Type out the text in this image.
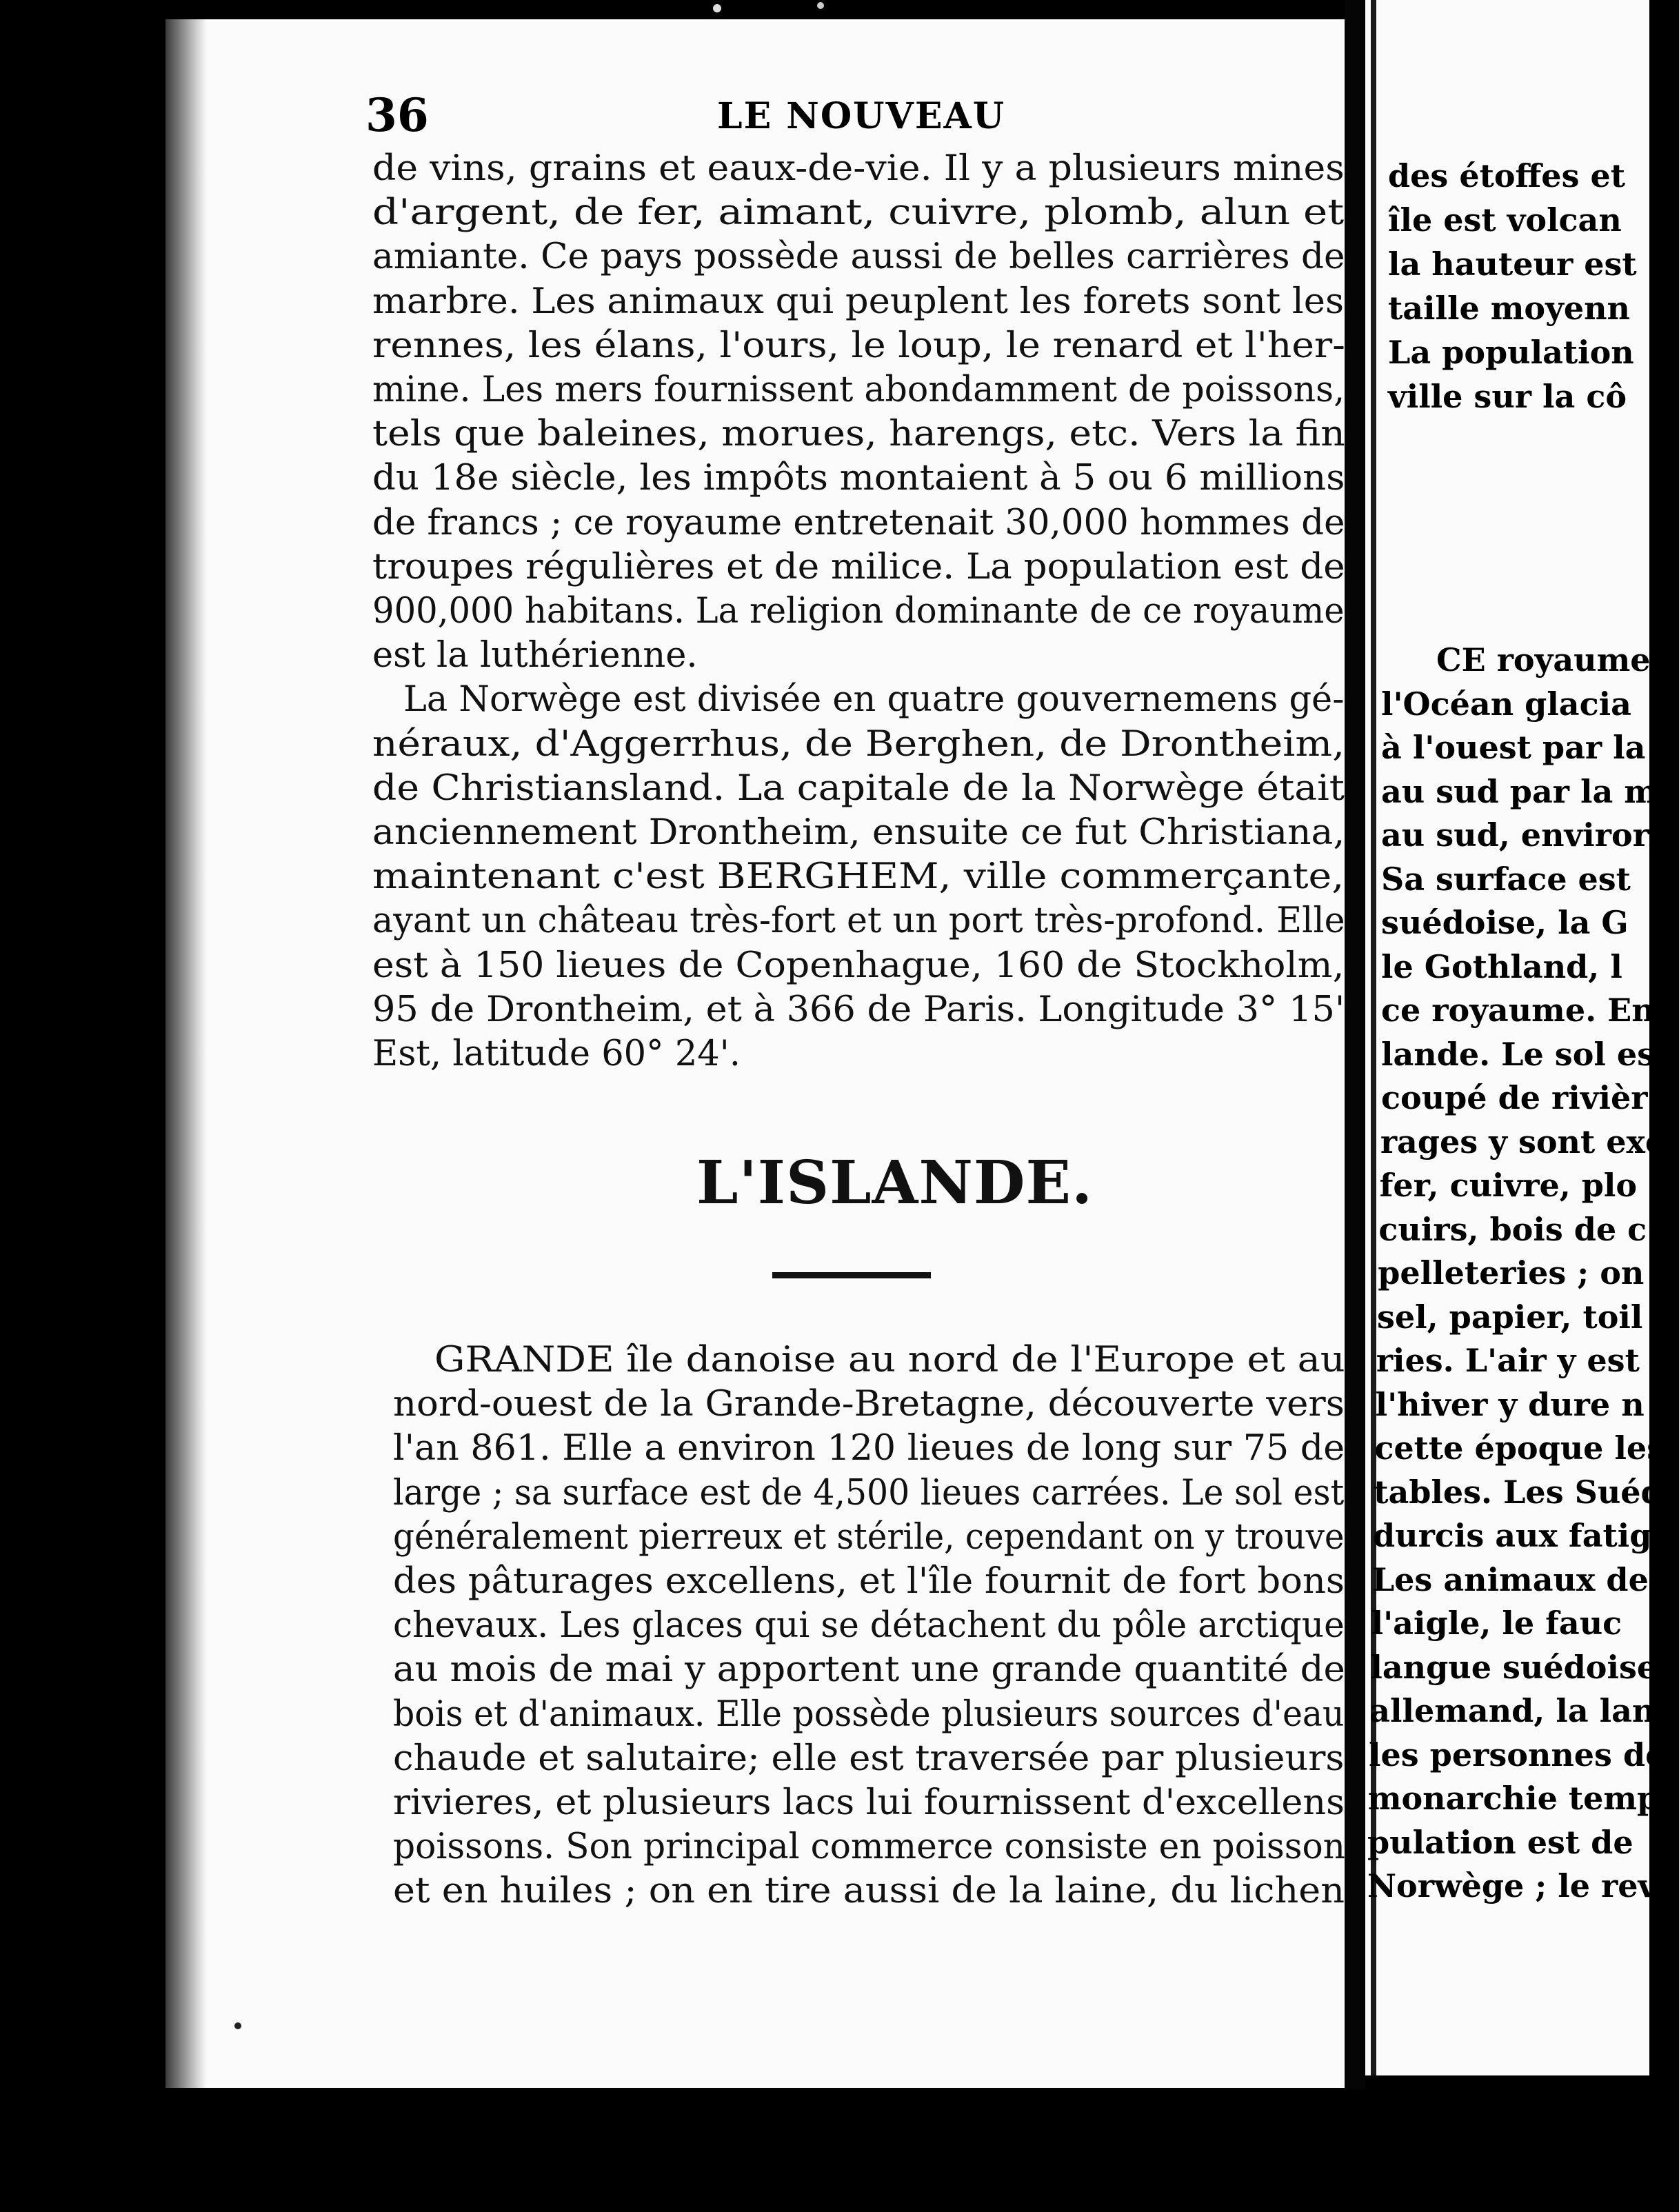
36	LE NOUVEAU
de vins, grains et eaux-de-vie. Il y a plusieurs mines
d'argent, de fer, aimant, cuivre, plomb, alun et
amiante. Ce pays possède aussi de belles carrières de
marbre. Les animaux qui peuplent les forets sont les
rennes, les élans, l'ours, le loup, le renard et l'her-
mine. Les mers fournissent abondamment de poissons,
tels que baleines, morues, harengs, etc. Vers la fin
du 18e siècle, les impôts montaient à 5 ou 6 millions
de francs ; ce royaume entretenait 30,000 hommes de
troupes régulières et de milice. La population est de
900,000 habitans. La religion dominante de ce royaume
est la luthérienne.
La Norwège est divisée en quatre gouvernemens gé-
néraux, d'Aggerrhus, de Berghen, de Drontheim,
de Christiansland. La capitale de la Norwège était
anciennement Drontheim, ensuite ce fut Christiana,
maintenant c'est BERGHEM, ville commerçante,
ayant un château très-fort et un port très-profond. Elle
est à 150 lieues de Copenhague, 160 de Stockholm,
95 de Drontheim, et à 366 de Paris. Longitude 3° 15'
Est, latitude 60° 24'.
L'ISLANDE.
GRANDE île danoise au nord de l'Europe et au
nord-ouest de la Grande-Bretagne, découverte vers
l'an 861. Elle a environ 120 lieues de long sur 75 de
large ; sa surface est de 4,500 lieues carrées. Le sol est
généralement pierreux et stérile, cependant on y trouve
des pâturages excellens, et l'île fournit de fort bons
chevaux. Les glaces qui se détachent du pôle arctique
au mois de mai y apportent une grande quantité de
bois et d'animaux. Elle possède plusieurs sources d'eau
chaude et salutaire; elle est traversée par plusieurs
rivieres, et plusieurs lacs lui fournissent d'excellens
poissons. Son principal commerce consiste en poisson
et en huiles ; on en tire aussi de la laine, du lichen
des étoffes et
île est volcan
la hauteur est
taille moyenn
La population
ville sur la cô
CE royaume
l'Océan glacia
à l'ouest par la
au sud par la m
au sud, enviror
Sa surface est
suédoise, la G
le Gothland, l
ce royaume. En
lande. Le sol es
coupé de rivièr
rages y sont exc
fer, cuivre, plo
cuirs, bois de c
pelleteries ; on y
sel, papier, toil
ries. L'air y est
l'hiver y dure n
cette époque les
tables. Les Suéd
durcis aux fatigu
Les animaux des
l'aigle, le fauc
langue suédoise
allemand, la lang
les personnes de
monarchie tempé
pulation est de
Norwège ; le rev
